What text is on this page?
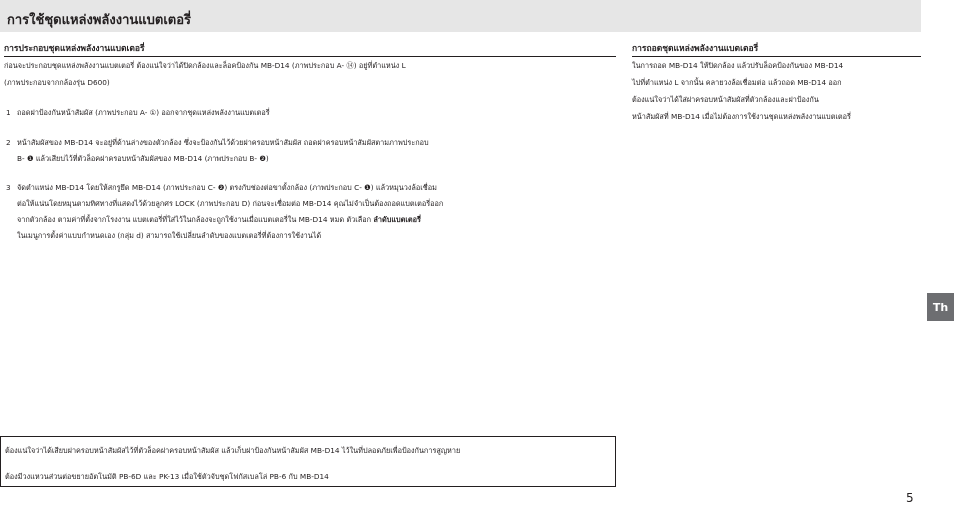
การใช้ชุดแหล่งพลังงานแบตเตอรี่
การประกอบชุดแหล่งพลังงานแบตเตอรี่
ก่อนจะประกอบชุดแหล่งพลังงานแบตเตอรี่ ต้องแน่ใจว่าได้ปิดกล้องและล็อคป้องกัน MB-D14 (ภาพประกอบ A- ⑭) อยู่ที่ตำแหน่ง L
(ภาพประกอบจากกล้องรุ่น D600)
1 ถอดฝาป้องกันหน้าสัมผัส (ภาพประกอบ A- ①) ออกจากชุดแหล่งพลังงานแบตเตอรี่
2 หน้าสัมผัสของ MB-D14 จะอยู่ที่ด้านล่างของตัวกล้อง ซึ่งจะป้องกันไว้ด้วยฝาครอบหน้าสัมผัส ถอดฝาครอบหน้าสัมผัสตามภาพประกอบ
B- ❶ แล้วเสียบไว้ที่ตัวล็อคฝาครอบหน้าสัมผัสของ MB-D14 (ภาพประกอบ B- ❷)
3 จัดตำแหน่ง MB-D14 โดยให้สกรูยึด MB-D14 (ภาพประกอบ C- ❷) ตรงกับช่องต่อขาตั้งกล้อง (ภาพประกอบ C- ❶) แล้วหมุนวงล้อเชื่อม
ต่อให้แน่นโดยหมุนตามทิศทางที่แสดงไว้ด้วยลูกศร LOCK (ภาพประกอบ D) ก่อนจะเชื่อมต่อ MB-D14 คุณไม่จำเป็นต้องถอดแบตเตอรี่ออก
จากตัวกล้อง ตามค่าที่ตั้งจากโรงงาน แบตเตอรี่ที่ใส่ไว้ในกล้องจะถูกใช้งานเมื่อแบตเตอรี่ใน MB-D14 หมด ตัวเลือก ลำดับแบตเตอรี่
ในเมนูการตั้งค่าแบบกำหนดเอง (กลุ่ม d) สามารถใช้เปลี่ยนลำดับของแบตเตอรี่ที่ต้องการใช้งานได้
การถอดชุดแหล่งพลังงานแบตเตอรี่
ในการถอด MB-D14 ให้ปิดกล้อง แล้วปรับล็อคป้องกันของ MB-D14
ไปที่ตำแหน่ง L จากนั้น คลายวงล้อเชื่อมต่อ แล้วถอด MB-D14 ออก
ต้องแน่ใจว่าได้ใส่ฝาครอบหน้าสัมผัสที่ตัวกล้องและฝาป้องกัน
หน้าสัมผัสที่ MB-D14 เมื่อไม่ต้องการใช้งานชุดแหล่งพลังงานแบตเตอรี่
ต้องแน่ใจว่าได้เสียบฝาครอบหน้าสัมผัสไว้ที่ตัวล็อคฝาครอบหน้าสัมผัส แล้วเก็บฝาป้องกันหน้าสัมผัส MB-D14 ไว้ในที่ปลอดภัยเพื่อป้องกันการสูญหาย
ต้องมีวงแหวนส่วนต่อขยายอัตโนมัติ PB-6D และ PK-13 เมื่อใช้ตัวจับชุดโฟกัสเบลโล่ PB-6 กับ MB-D14
Th
5
